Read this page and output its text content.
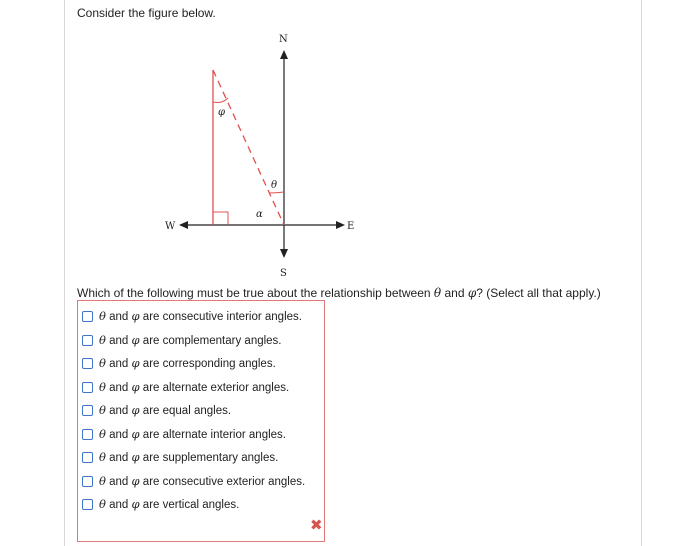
Consider the figure below.
N
S
E
W
φ
θ
α
Which of the following must be true about the relationship between θ and φ? (Select all that apply.)
θ and φ are consecutive interior angles.
θ and φ are complementary angles.
θ and φ are corresponding angles.
θ and φ are alternate exterior angles.
θ and φ are equal angles.
θ and φ are alternate interior angles.
θ and φ are supplementary angles.
θ and φ are consecutive exterior angles.
θ and φ are vertical angles.
✖
